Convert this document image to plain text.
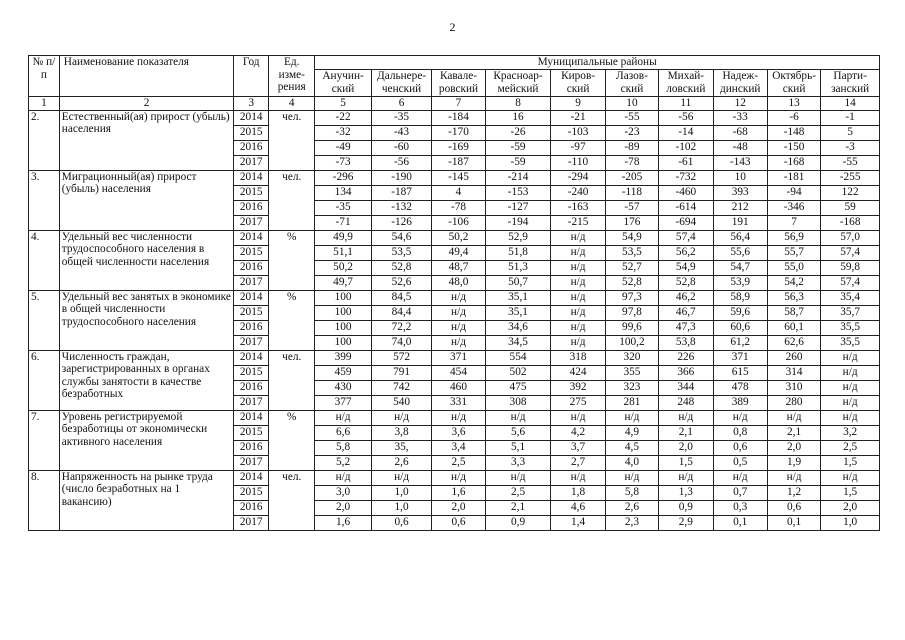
2
№ п/п	Наименование показателя	Год	Ед. изме-рения	Муниципальные районы									
				Анучин-ский	Дальнере-ченский	Кавале-ровский	Красноар-мейский	Киров-ский	Лазов-ский	Михай-ловский	Надеж-динский	Октябрь-ский	Парти-занский
1	2	3	4	5	6	7	8	9	10	11	12	13	14
2.	Естественный(ая) прирост (убыль) населения	2014	чел.	-22	-35	-184	16	-21	-55	-56	-33	-6	-1
		2015		-32	-43	-170	-26	-103	-23	-14	-68	-148	5
		2016		-49	-60	-169	-59	-97	-89	-102	-48	-150	-3
		2017		-73	-56	-187	-59	-110	-78	-61	-143	-168	-55
3.	Миграционный(ая) прирост (убыль) населения	2014	чел.	-296	-190	-145	-214	-294	-205	-732	10	-181	-255
		2015		134	-187	4	-153	-240	-118	-460	393	-94	122
		2016		-35	-132	-78	-127	-163	-57	-614	212	-346	59
		2017		-71	-126	-106	-194	-215	176	-694	191	7	-168
4.	Удельный вес численности трудоспособного населения в общей численности населения	2014	%	49,9	54,6	50,2	52,9	н/д	54,9	57,4	56,4	56,9	57,0
		2015		51,1	53,5	49,4	51,8	н/д	53,5	56,2	55,6	55,7	57,4
		2016		50,2	52,8	48,7	51,3	н/д	52,7	54,9	54,7	55,0	59,8
		2017		49,7	52,6	48,0	50,7	н/д	52,8	52,8	53,9	54,2	57,4
5.	Удельный вес занятых в экономике в общей численности трудоспособного населения	2014	%	100	84,5	н/д	35,1	н/д	97,3	46,2	58,9	56,3	35,4
		2015		100	84,4	н/д	35,1	н/д	97,8	46,7	59,6	58,7	35,7
		2016		100	72,2	н/д	34,6	н/д	99,6	47,3	60,6	60,1	35,5
		2017		100	74,0	н/д	34,5	н/д	100,2	53,8	61,2	62,6	35,5
6.	Численность граждан, зарегистрированных в органах службы занятости в качестве безработных	2014	чел.	399	572	371	554	318	320	226	371	260	н/д
		2015		459	791	454	502	424	355	366	615	314	н/д
		2016		430	742	460	475	392	323	344	478	310	н/д
		2017		377	540	331	308	275	281	248	389	280	н/д
7.	Уровень регистрируемой безработицы от экономически активного населения	2014	%	н/д	н/д	н/д	н/д	н/д	н/д	н/д	н/д	н/д	н/д
		2015		6,6	3,8	3,6	5,6	4,2	4,9	2,1	0,8	2,1	3,2
		2016		5,8	35,	3,4	5,1	3,7	4,5	2,0	0,6	2,0	2,5
		2017		5,2	2,6	2,5	3,3	2,7	4,0	1,5	0,5	1,9	1,5
8.	Напряженность на рынке труда (число безработных на 1 вакансию)	2014	чел.	н/д	н/д	н/д	н/д	н/д	н/д	н/д	н/д	н/д	н/д
		2015		3,0	1,0	1,6	2,5	1,8	5,8	1,3	0,7	1,2	1,5
		2016		2,0	1,0	2,0	2,1	4,6	2,6	0,9	0,3	0,6	2,0
		2017		1,6	0,6	0,6	0,9	1,4	2,3	2,9	0,1	0,1	1,0
